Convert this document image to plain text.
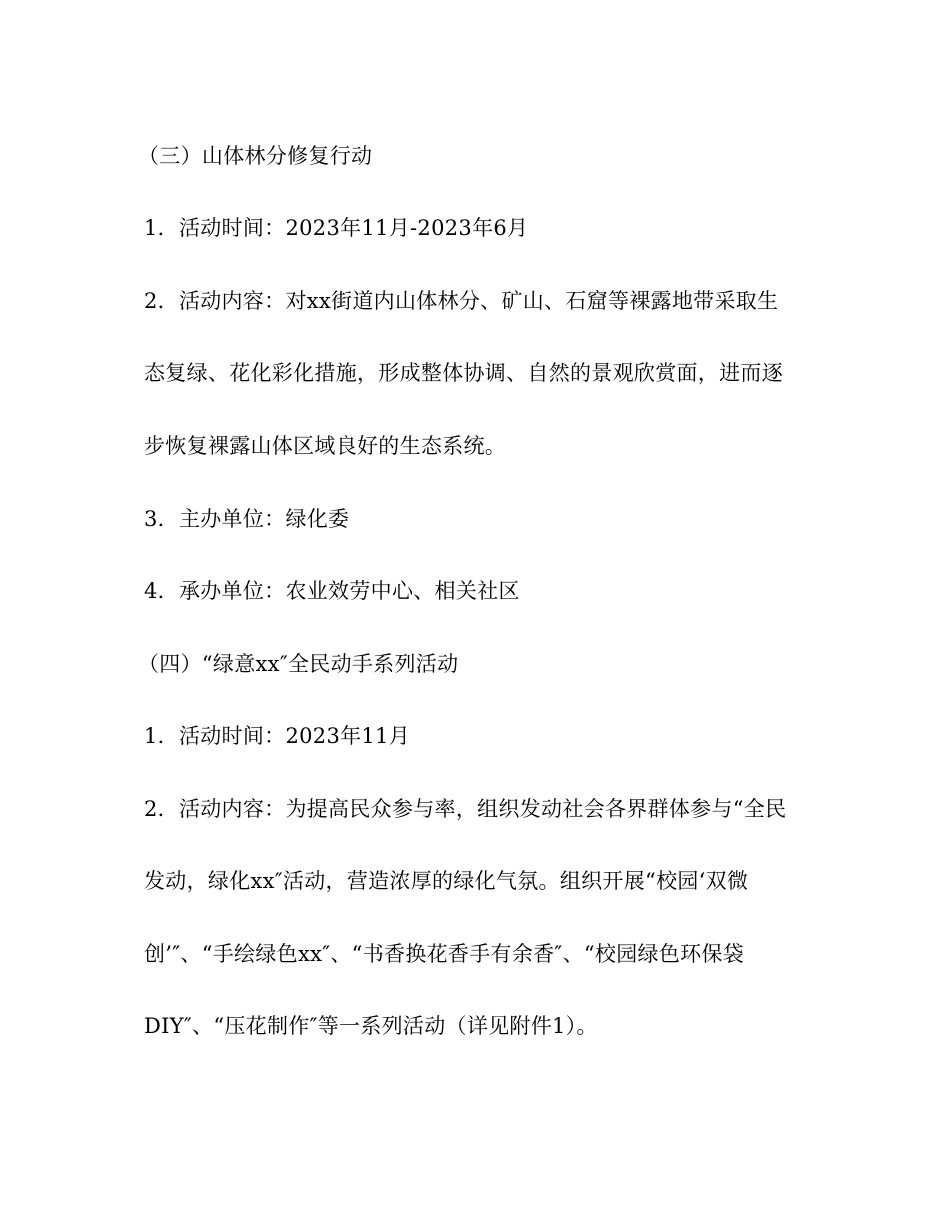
（三）山体林分修复行动
1．活动时间：2023年11月-2023年6月
2．活动内容：对xx街道内山体林分、矿山、石窟等裸露地带采取生
态复绿、花化彩化措施，形成整体协调、自然的景观欣赏面，进而逐
步恢复裸露山体区域良好的生态系统。
3．主办单位：绿化委
4．承办单位：农业效劳中心、相关社区
（四）“绿意xx″全民动手系列活动
1．活动时间：2023年11月
2．活动内容：为提高民众参与率，组织发动社会各界群体参与“全民
发动，绿化xx″活动，营造浓厚的绿化气氛。组织开展“校园‘双微
创’″、“手绘绿色xx″、“书香换花香手有余香″、“校园绿色环保袋
DIY″、“压花制作″等一系列活动（详见附件1）。
